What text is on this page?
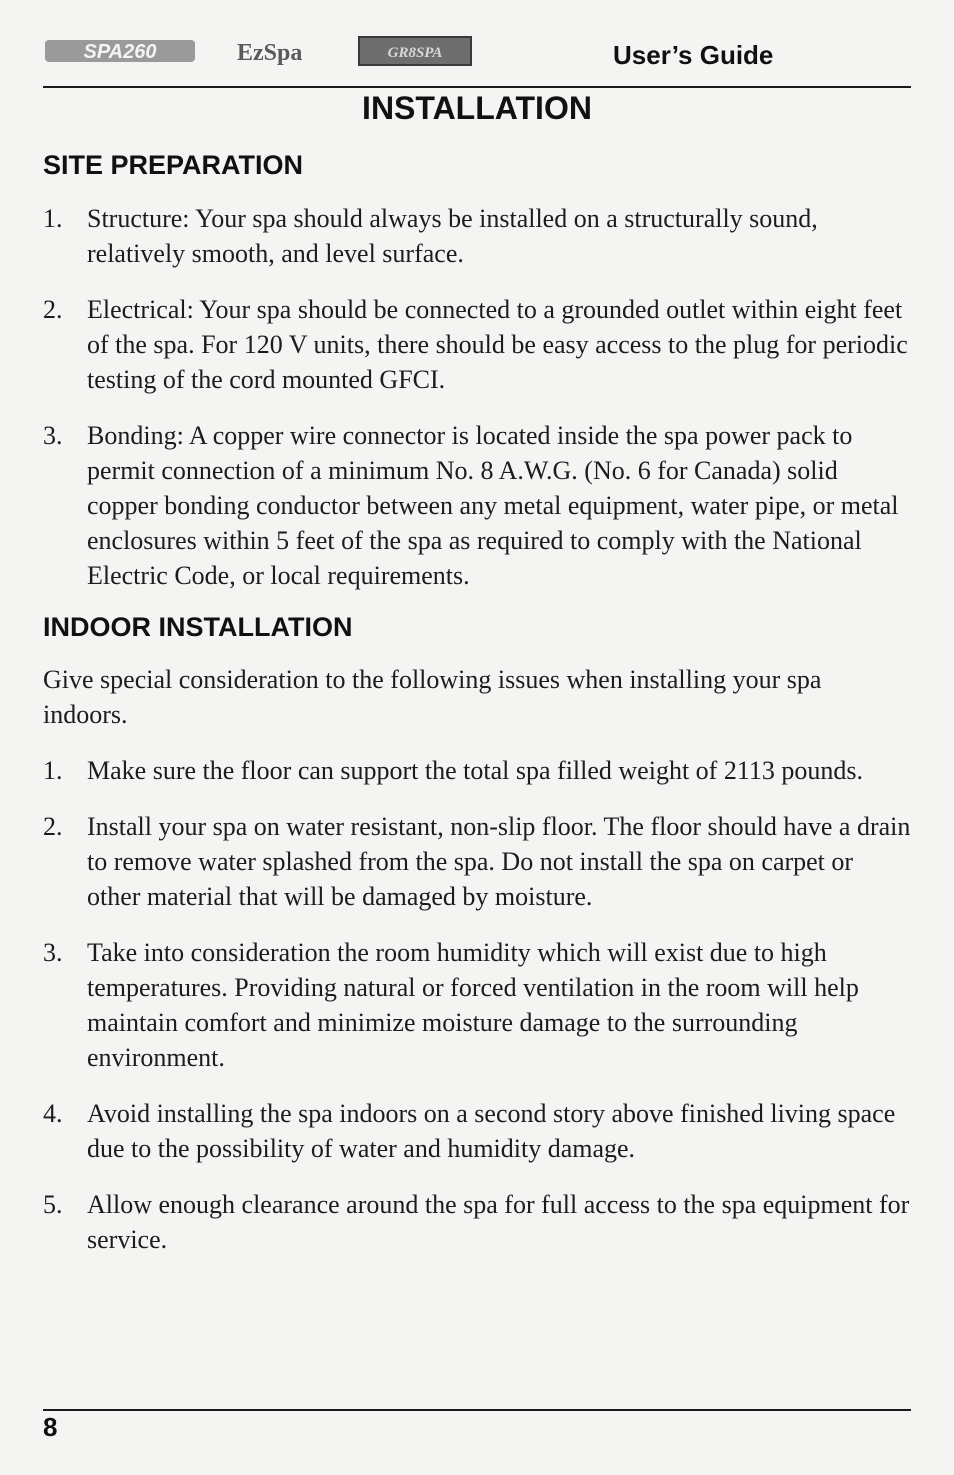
SPA260	EzSpa	GR8SPA	User’s Guide
INSTALLATION
SITE PREPARATION
1. Structure: Your spa should always be installed on a structurally sound, relatively smooth, and level surface.
2. Electrical: Your spa should be connected to a grounded outlet within eight feet of the spa. For 120 V units, there should be easy access to the plug for periodic testing of the cord mounted GFCI.
3. Bonding: A copper wire connector is located inside the spa power pack to permit connection of a minimum No. 8 A.W.G. (No. 6 for Canada) solid copper bonding conductor between any metal equipment, water pipe, or metal enclosures within 5 feet of the spa as required to comply with the National Electric Code, or local requirements.
INDOOR INSTALLATION
Give special consideration to the following issues when installing your spa indoors.
1. Make sure the floor can support the total spa filled weight of 2113 pounds.
2. Install your spa on water resistant, non-slip floor. The floor should have a drain to remove water splashed from the spa. Do not install the spa on carpet or other material that will be damaged by moisture.
3. Take into consideration the room humidity which will exist due to high temperatures. Providing natural or forced ventilation in the room will help maintain comfort and minimize moisture damage to the surrounding environment.
4. Avoid installing the spa indoors on a second story above finished living space due to the possibility of water and humidity damage.
5. Allow enough clearance around the spa for full access to the spa equipment for service.
8
